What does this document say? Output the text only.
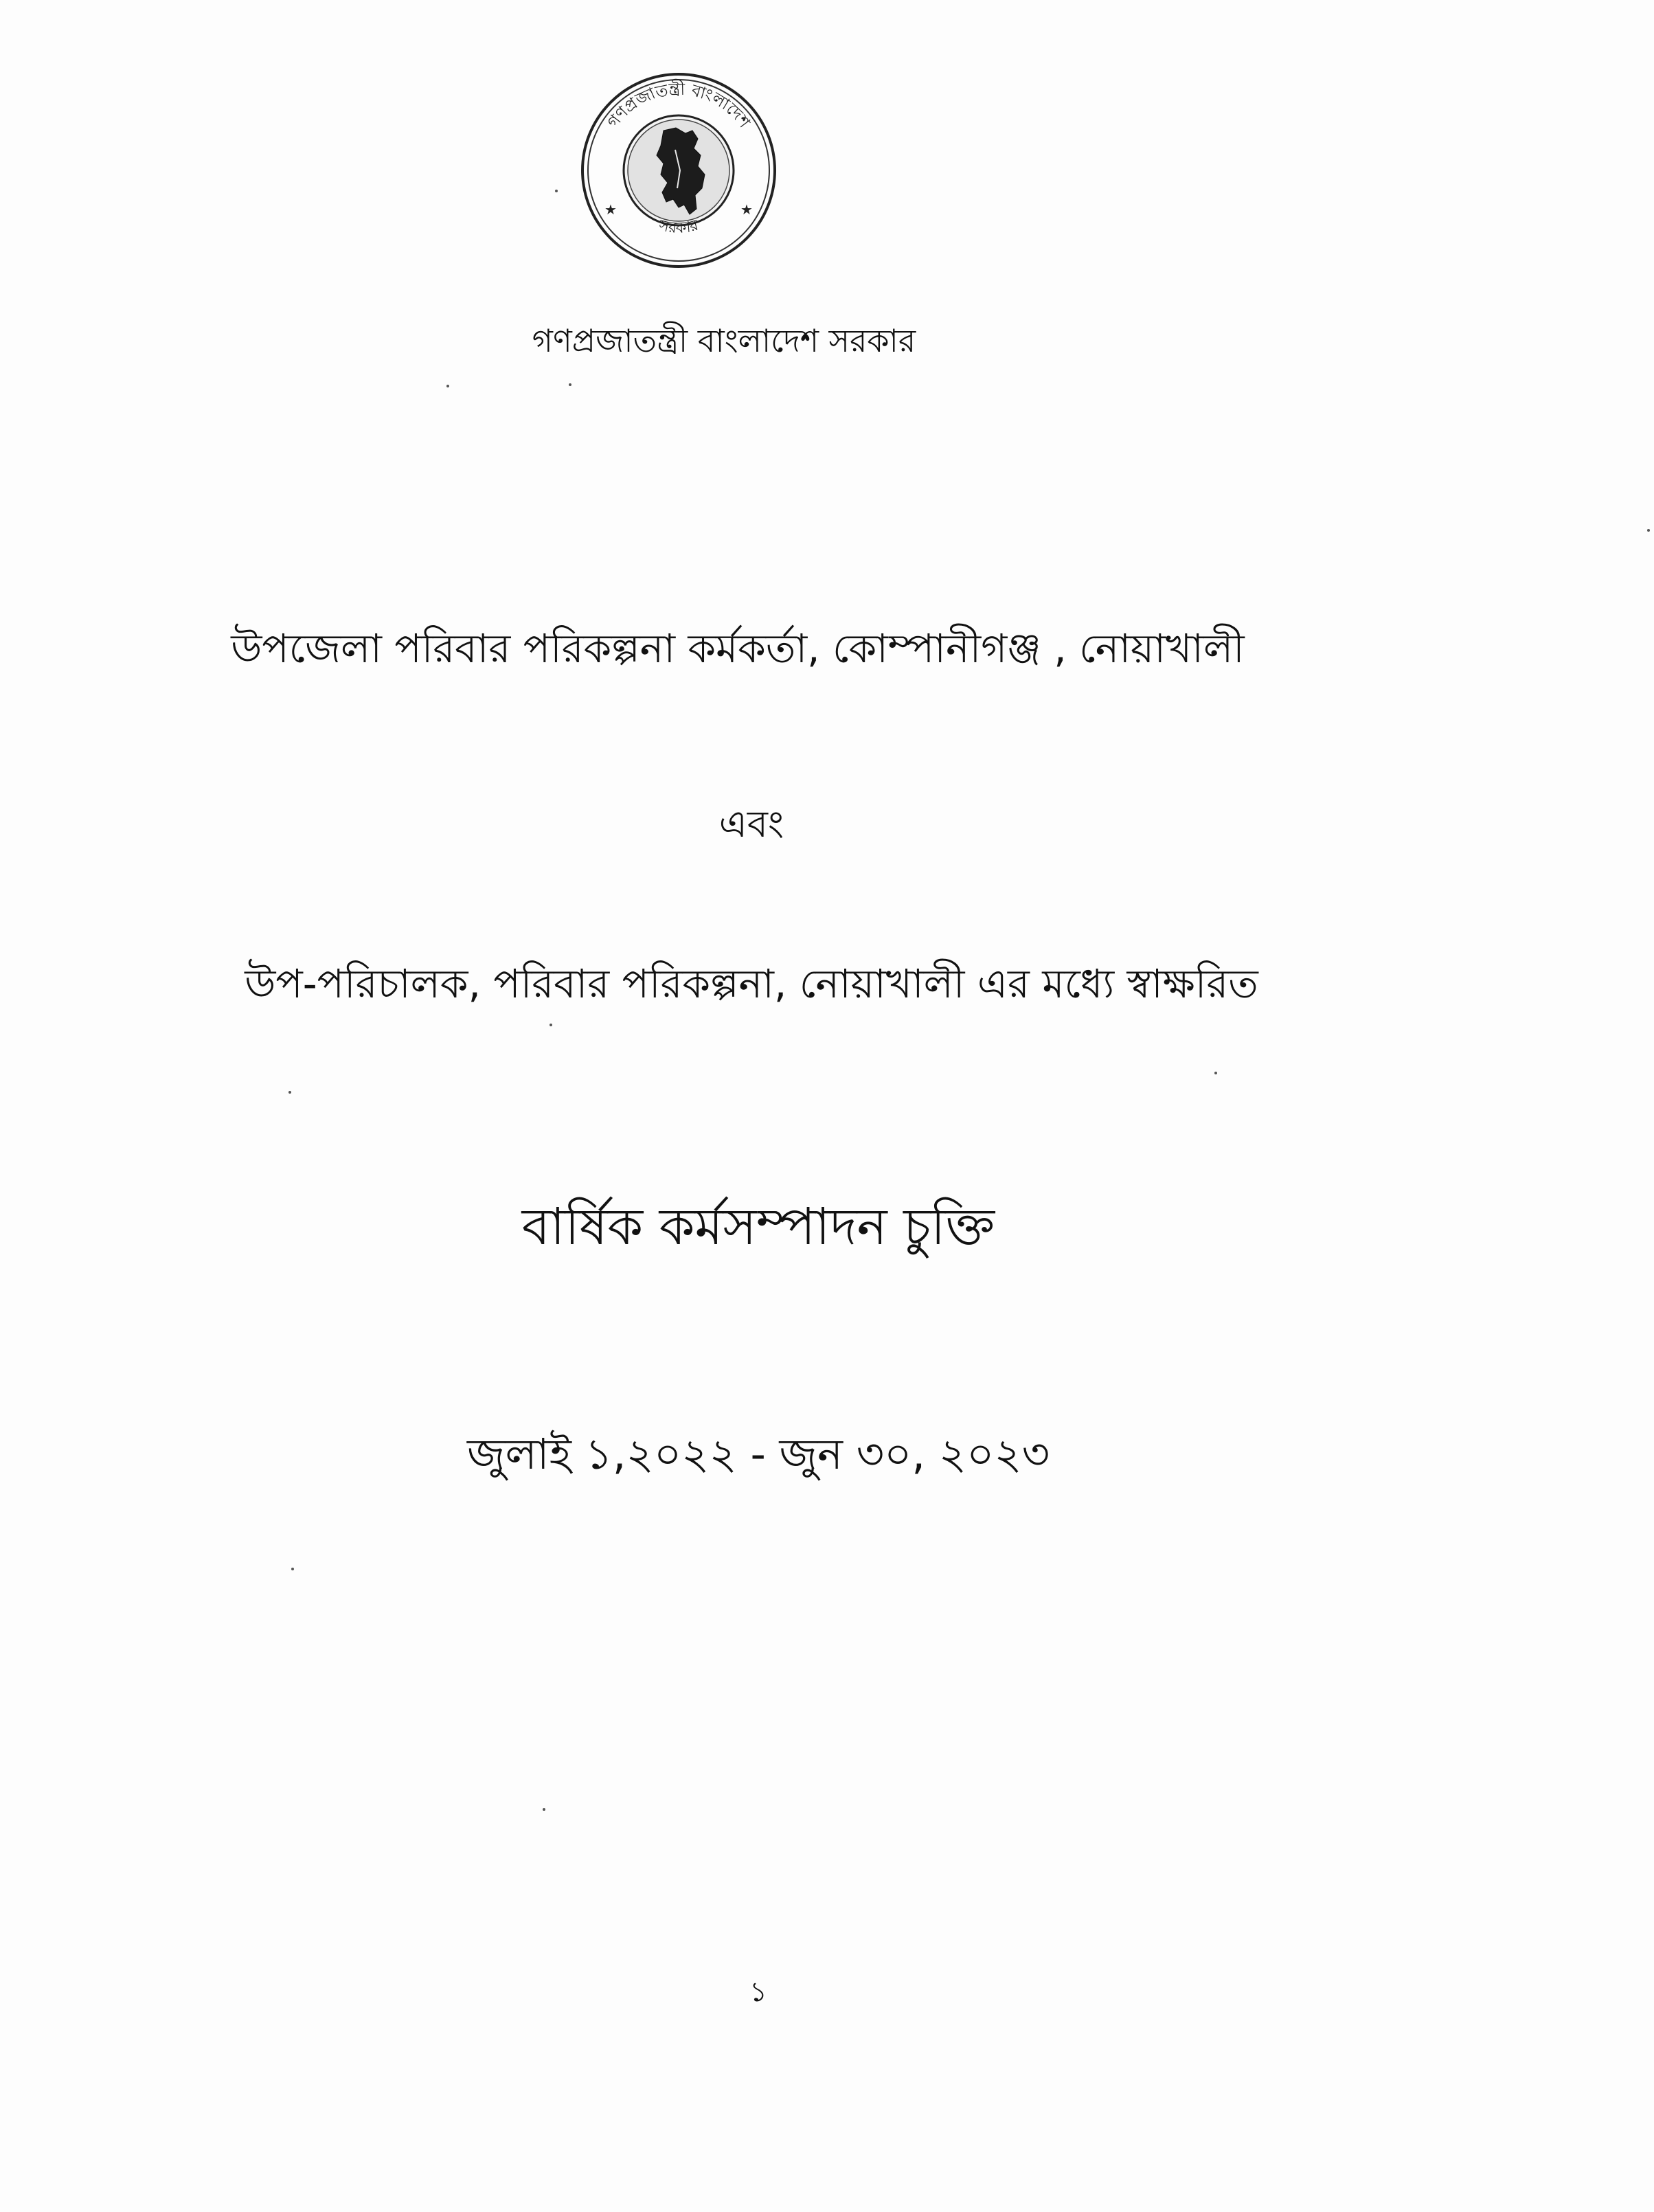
গণপ্রজাতন্ত্রী বাংলাদেশ
সরকার
★	★
গণপ্রজাতন্ত্রী বাংলাদেশ সরকার
উপজেলা পরিবার পরিকল্পনা কর্মকর্তা, কোম্পানীগঞ্জ , নোয়াখালী
এবং
উপ-পরিচালক, পরিবার পরিকল্পনা, নোয়াখালী এর মধ্যে স্বাক্ষরিত
বার্ষিক কর্মসম্পাদন চুক্তি
জুলাই ১,২০২২ - জুন ৩০, ২০২৩
১
